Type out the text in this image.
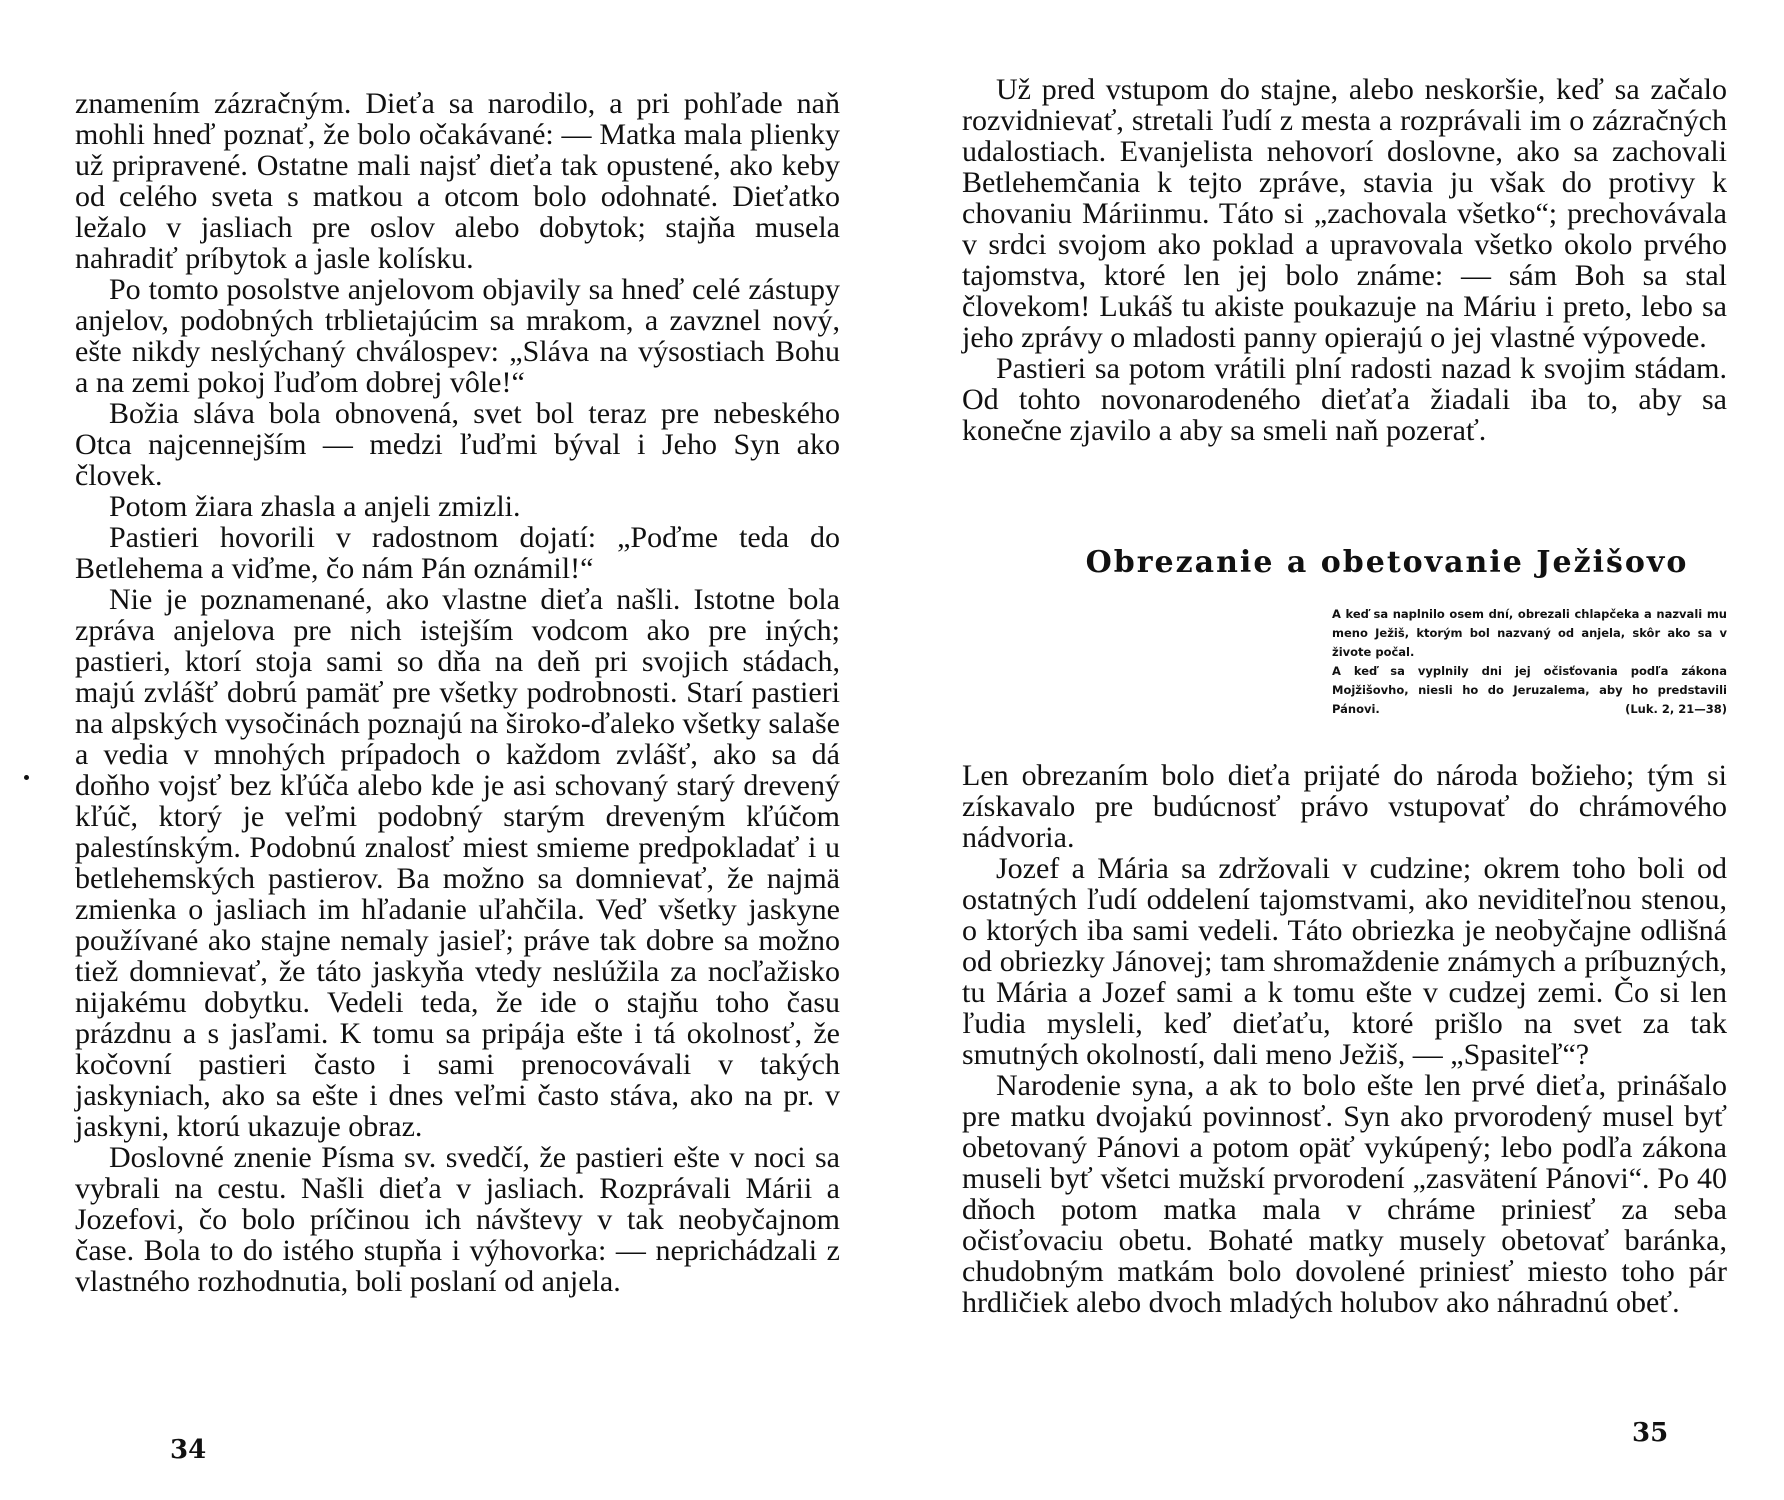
znamením zázračným. Dieťa sa narodilo, a pri pohľade naň mohli hneď poznať, že bolo očakávané: — Matka mala plienky už pripravené. Ostatne mali najsť dieťa tak opustené, ako keby od celého sveta s matkou a otcom bolo odohnaté. Dieťatko ležalo v jasliach pre oslov alebo dobytok; stajňa musela nahradiť príbytok a jasle kolísku.

Po tomto posolstve anjelovom objavily sa hneď celé zástupy anjelov, podobných trblietajúcim sa mrakom, a zavznel nový, ešte nikdy neslýchaný chválospev: „Sláva na výsostiach Bohu a na zemi pokoj ľuďom dobrej vôle!“

Božia sláva bola obnovená, svet bol teraz pre nebeského Otca najcennejším — medzi ľuďmi býval i Jeho Syn ako človek.

Potom žiara zhasla a anjeli zmizli.

Pastieri hovorili v radostnom dojatí: „Poďme teda do Betlehema a viďme, čo nám Pán oznámil!“

Nie je poznamenané, ako vlastne dieťa našli. Istotne bola zpráva anjelova pre nich istejším vodcom ako pre iných; pastieri, ktorí stoja sami so dňa na deň pri svojich stádach, majú zvlášť dobrú pamäť pre všetky podrobnosti. Starí pastieri na alpských vysočinách poznajú na široko-ďaleko všetky salaše a vedia v mnohých prípadoch o každom zvlášť, ako sa dá doňho vojsť bez kľúča alebo kde je asi schovaný starý drevený kľúč, ktorý je veľmi podobný starým dreveným kľúčom palestínským. Podobnú znalosť miest smieme predpokladať i u betlehemských pastierov. Ba možno sa domnievať, že najmä zmienka o jasliach im hľadanie uľahčila. Veď všetky jaskyne používané ako stajne nemaly jasieľ; práve tak dobre sa možno tiež domnievať, že táto jaskyňa vtedy neslúžila za nocľažisko nijakému dobytku. Vedeli teda, že ide o stajňu toho času prázdnu a s jasľami. K tomu sa pripája ešte i tá okolnosť, že kočovní pastieri často i sami prenocovávali v takých jaskyniach, ako sa ešte i dnes veľmi často stáva, ako na pr. v jaskyni, ktorú ukazuje obraz.

Doslovné znenie Písma sv. svedčí, že pastieri ešte v noci sa vybrali na cestu. Našli dieťa v jasliach. Rozprávali Márii a Jozefovi, čo bolo príčinou ich návštevy v tak neobyčajnom čase. Bola to do istého stupňa i výhovorka: — neprichádzali z vlastného rozhodnutia, boli poslaní od anjela.

34

Už pred vstupom do stajne, alebo neskoršie, keď sa začalo rozvidnievať, stretali ľudí z mesta a rozprávali im o zázračných udalostiach. Evanjelista nehovorí doslovne, ako sa zachovali Betlehemčania k tejto zpráve, stavia ju však do protivy k chovaniu Máriinmu. Táto si „zachovala všetko“; prechovávala v srdci svojom ako poklad a upravovala všetko okolo prvého tajomstva, ktoré len jej bolo známe: — sám Boh sa stal človekom! Lukáš tu akiste poukazuje na Máriu i preto, lebo sa jeho zprávy o mladosti panny opierajú o jej vlastné výpovede.

Pastieri sa potom vrátili plní radosti nazad k svojim stádam. Od tohto novonarodeného dieťaťa žiadali iba to, aby sa konečne zjavilo a aby sa smeli naň pozerať.

Obrezanie a obetovanie Ježišovo

A keď sa naplnilo osem dní, obrezali chlapčeka a nazvali mu meno Ježiš, ktorým bol nazvaný od anjela, skôr ako sa v živote počal.

A keď sa vyplnily dni jej očisťovania podľa zákona Mojžišovho, niesli ho do Jeruzalema, aby ho predstavili Pánovi.	(Luk. 2, 21—38)

Len obrezaním bolo dieťa prijaté do národa božieho; tým si získavalo pre budúcnosť právo vstupovať do chrámového nádvoria.

Jozef a Mária sa zdržovali v cudzine; okrem toho boli od ostatných ľudí oddelení tajomstvami, ako neviditeľnou stenou, o ktorých iba sami vedeli. Táto obriezka je neobyčajne odlišná od obriezky Jánovej; tam shromaždenie známych a príbuzných, tu Mária a Jozef sami a k tomu ešte v cudzej zemi. Čo si len ľudia mysleli, keď dieťaťu, ktoré prišlo na svet za tak smutných okolností, dali meno Ježiš, — „Spasiteľ“?

Narodenie syna, a ak to bolo ešte len prvé dieťa, prinášalo pre matku dvojakú povinnosť. Syn ako prvorodený musel byť obetovaný Pánovi a potom opäť vykúpený; lebo podľa zákona museli byť všetci mužskí prvorodení „zasvätení Pánovi“. Po 40 dňoch potom matka mala v chráme priniesť za seba očisťovaciu obetu. Bohaté matky musely obetovať baránka, chudobným matkám bolo dovolené priniesť miesto toho pár hrdličiek alebo dvoch mladých holubov ako náhradnú obeť.

35
